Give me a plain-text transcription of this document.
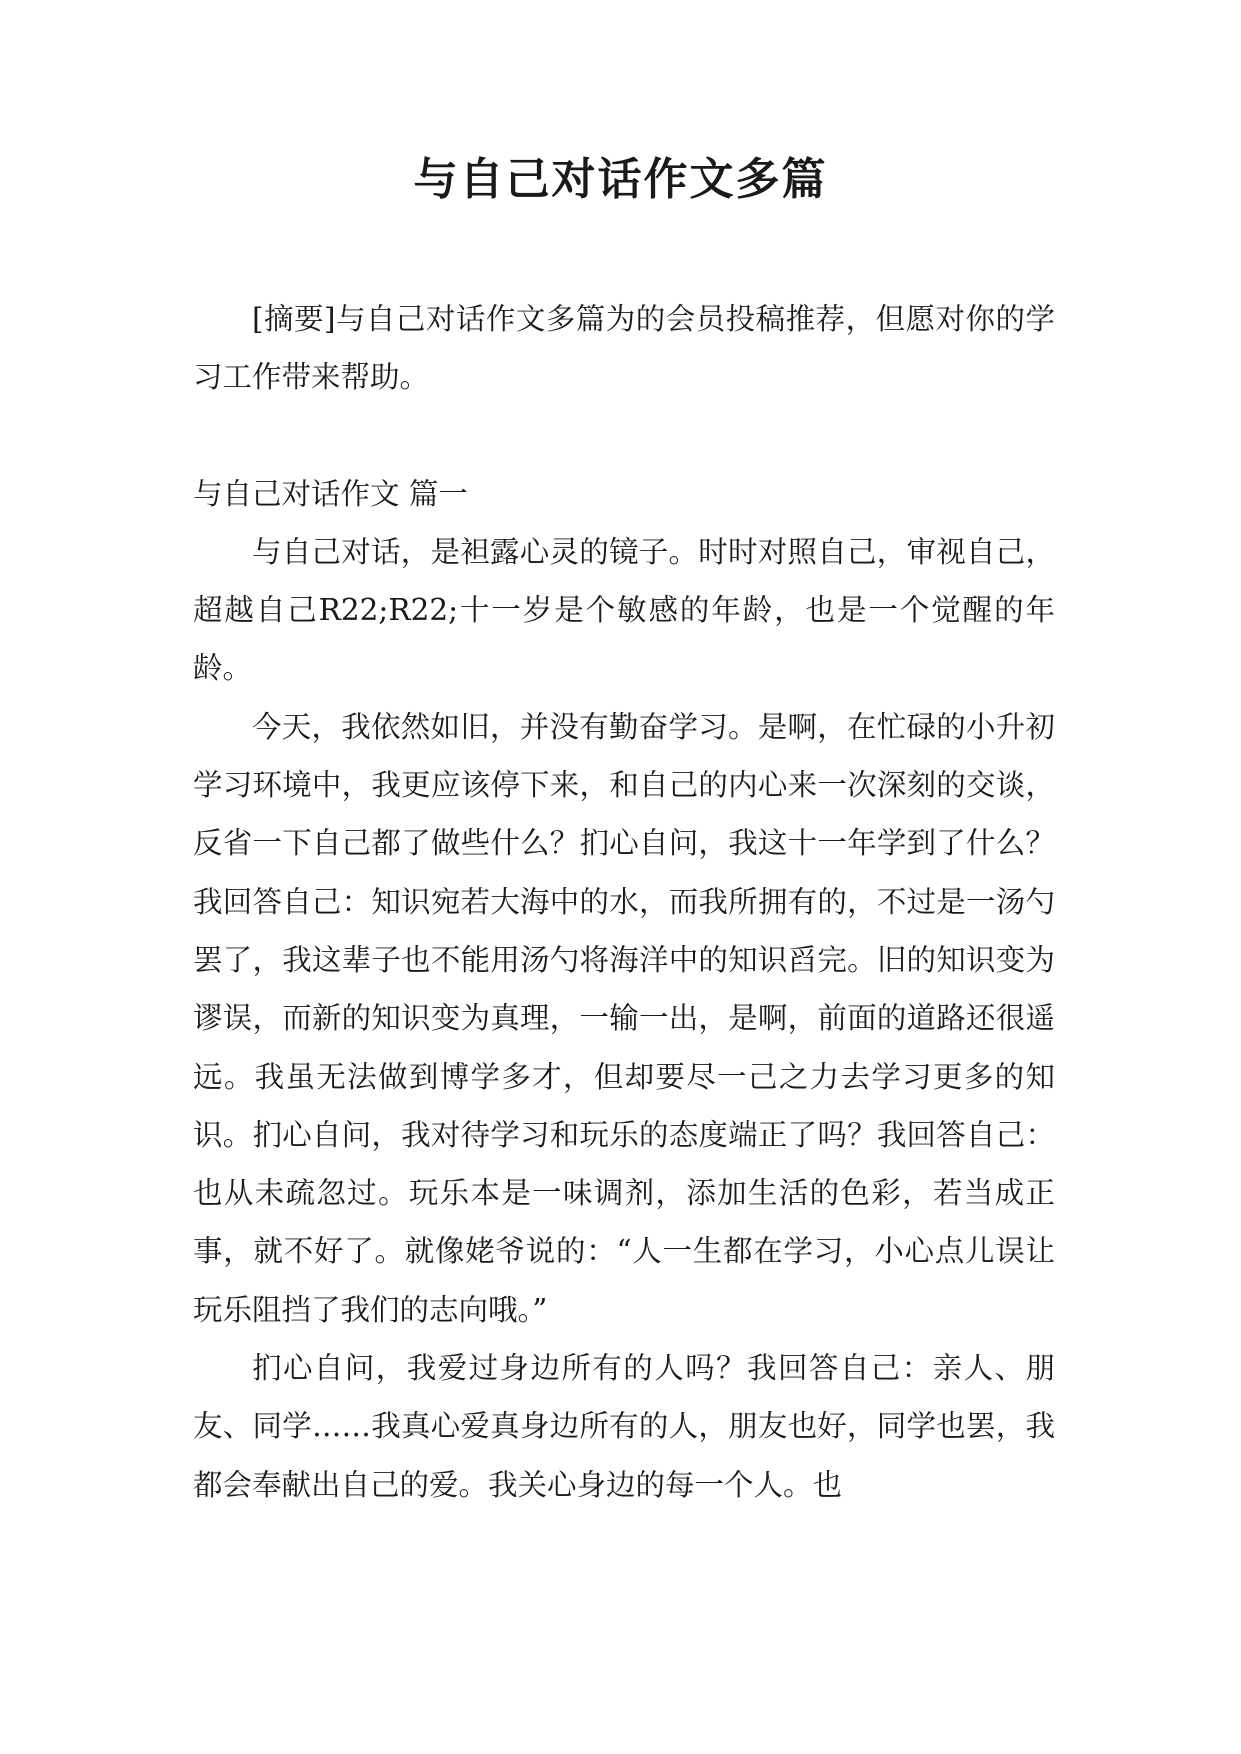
与自己对话作文多篇

[摘要]与自己对话作文多篇为的会员投稿推荐，但愿对你的学习工作带来帮助。

与自己对话作文 篇一

与自己对话，是袒露心灵的镜子。时时对照自己，审视自己，超越自己R22;R22;十一岁是个敏感的年龄，也是一个觉醒的年龄。

今天，我依然如旧，并没有勤奋学习。是啊，在忙碌的小升初学习环境中，我更应该停下来，和自己的内心来一次深刻的交谈，反省一下自己都了做些什么？扪心自问，我这十一年学到了什么？我回答自己：知识宛若大海中的水，而我所拥有的，不过是一汤勺罢了，我这辈子也不能用汤勺将海洋中的知识舀完。旧的知识变为谬误，而新的知识变为真理，一输一出，是啊，前面的道路还很遥远。我虽无法做到博学多才，但却要尽一己之力去学习更多的知识。扪心自问，我对待学习和玩乐的态度端正了吗？我回答自己：也从未疏忽过。玩乐本是一味调剂，添加生活的色彩，若当成正事，就不好了。就像姥爷说的：“人一生都在学习，小心点儿误让玩乐阻挡了我们的志向哦。”

扪心自问，我爱过身边所有的人吗？我回答自己：亲人、朋友、同学……我真心爱真身边所有的人，朋友也好，同学也罢，我都会奉献出自己的爱。我关心身边的每一个人。也
